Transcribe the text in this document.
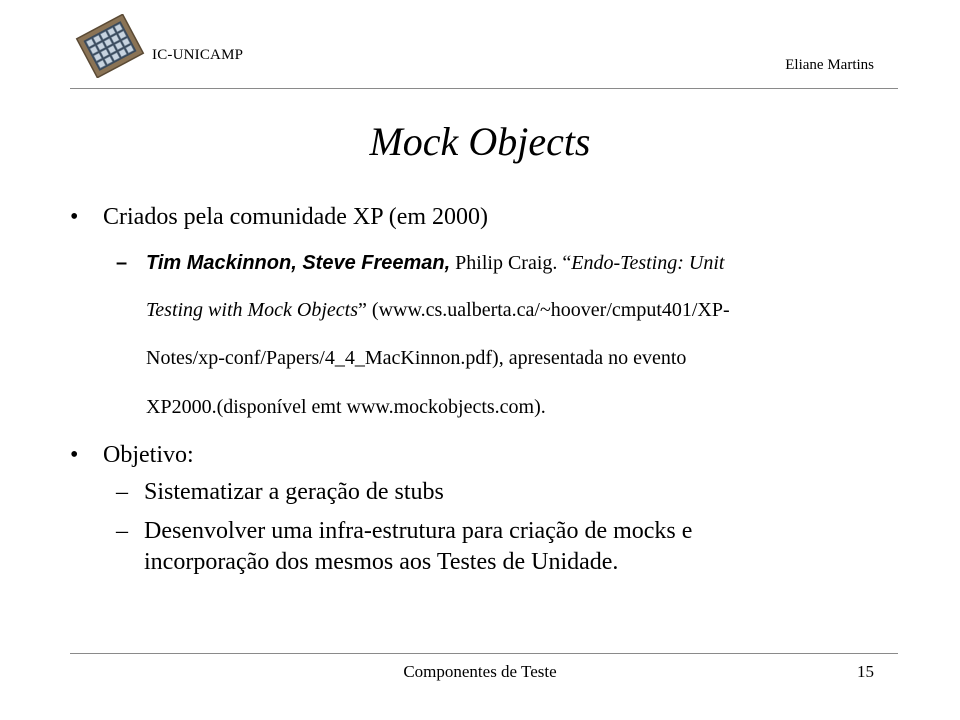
IC-UNICAMP
Eliane Martins
Mock Objects
• Criados pela comunidade XP (em 2000)
– Tim Mackinnon, Steve Freeman, Philip Craig. “Endo-Testing: Unit
Testing with Mock Objects” (www.cs.ualberta.ca/~hoover/cmput401/XP-
Notes/xp-conf/Papers/4_4_MacKinnon.pdf), apresentada no evento
XP2000.(disponível emt www.mockobjects.com).
• Objetivo:
– Sistematizar a geração de stubs
– Desenvolver uma infra-estrutura para criação de mocks e
incorporação dos mesmos aos Testes de Unidade.
Componentes de Teste	15
